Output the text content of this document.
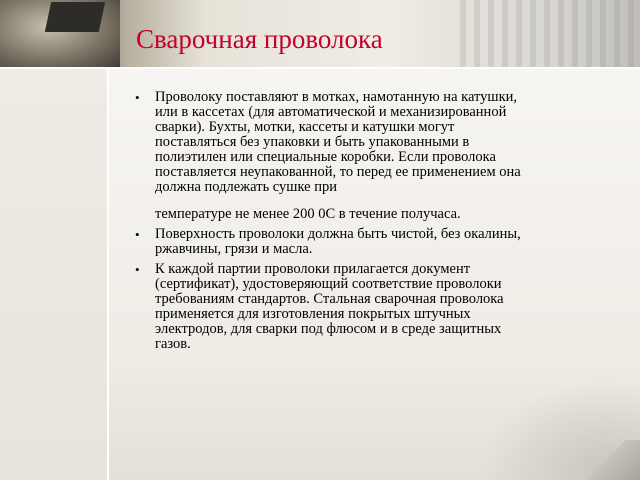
Сварочная проволока
• Проволоку поставляют в мотках, намотанную на катушки, или в кассетах (для автоматической и механизированной сварки). Бухты, мотки, кассеты и катушки могут поставляться без упаковки и быть упакованными в полиэтилен или специальные коробки. Если проволока поставляется неупакованной, то перед ее применением она должна подлежать сушке при
температуре не менее 200 0С в течение получаса.
• Поверхность проволоки должна быть чистой, без окалины, ржавчины, грязи и масла.
• К каждой партии проволоки прилагается документ (сертификат), удостоверяющий соответствие проволоки требованиям стандартов. Стальная сварочная проволока применяется для изготовления покрытых штучных электродов, для сварки под флюсом и в среде защитных газов.
